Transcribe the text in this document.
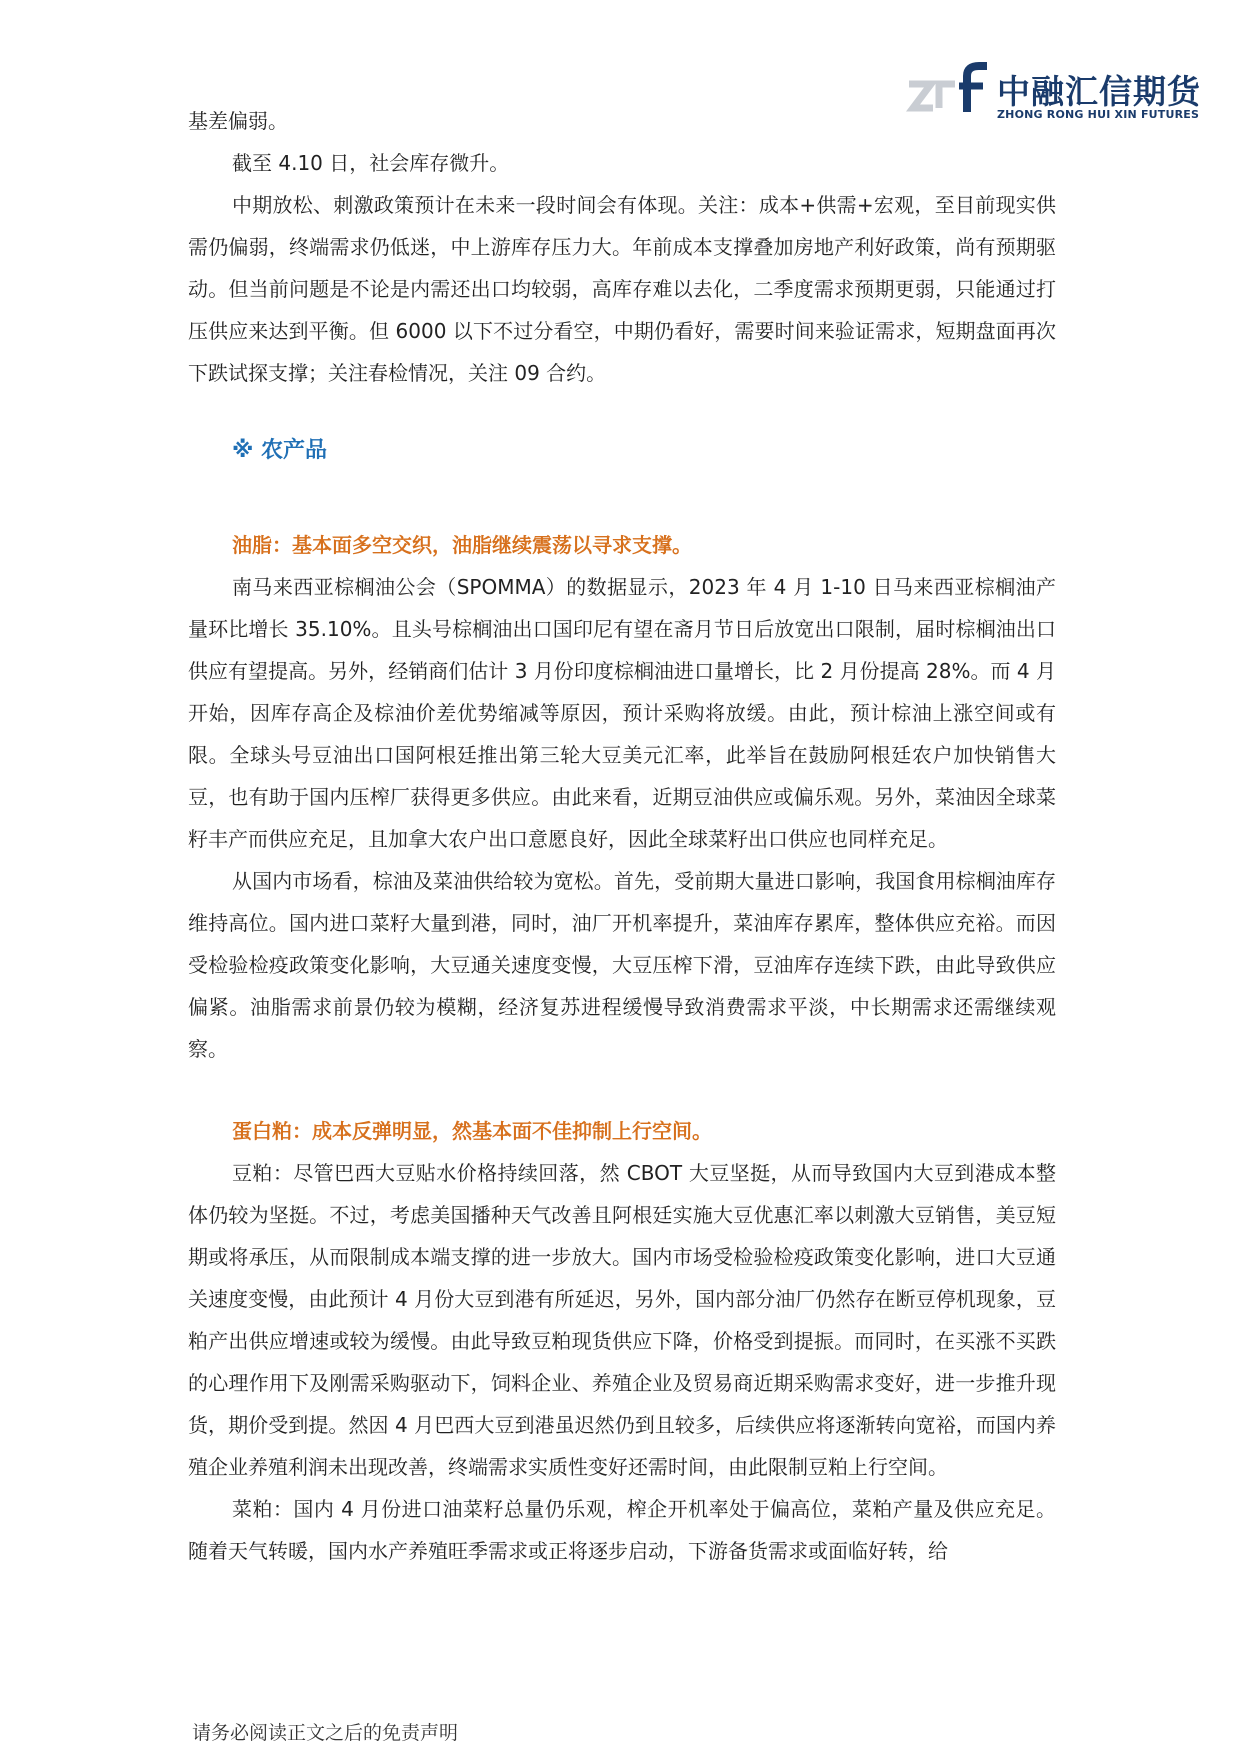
中融汇信期货
ZHONG RONG HUI XIN FUTURES

基差偏弱。

截至 4.10 日，社会库存微升。

中期放松、刺激政策预计在未来一段时间会有体现。关注：成本+供需+宏观，至目前现实供需仍偏弱，终端需求仍低迷，中上游库存压力大。年前成本支撑叠加房地产利好政策，尚有预期驱动。但当前问题是不论是内需还出口均较弱，高库存难以去化，二季度需求预期更弱，只能通过打压供应来达到平衡。但 6000 以下不过分看空，中期仍看好，需要时间来验证需求，短期盘面再次下跌试探支撑；关注春检情况，关注 09 合约。

※ 农产品
油脂：基本面多空交织，油脂继续震荡以寻求支撑。

南马来西亚棕榈油公会（SPOMMA）的数据显示，2023 年 4 月 1-10 日马来西亚棕榈油产量环比增长 35.10%。且头号棕榈油出口国印尼有望在斋月节日后放宽出口限制，届时棕榈油出口供应有望提高。另外，经销商们估计 3 月份印度棕榈油进口量增长，比 2 月份提高 28%。而 4 月开始，因库存高企及棕油价差优势缩减等原因，预计采购将放缓。由此，预计棕油上涨空间或有限。全球头号豆油出口国阿根廷推出第三轮大豆美元汇率，此举旨在鼓励阿根廷农户加快销售大豆，也有助于国内压榨厂获得更多供应。由此来看，近期豆油供应或偏乐观。另外，菜油因全球菜籽丰产而供应充足，且加拿大农户出口意愿良好，因此全球菜籽出口供应也同样充足。

从国内市场看，棕油及菜油供给较为宽松。首先，受前期大量进口影响，我国食用棕榈油库存维持高位。国内进口菜籽大量到港，同时，油厂开机率提升，菜油库存累库，整体供应充裕。而因受检验检疫政策变化影响，大豆通关速度变慢，大豆压榨下滑，豆油库存连续下跌，由此导致供应偏紧。油脂需求前景仍较为模糊，经济复苏进程缓慢导致消费需求平淡，中长期需求还需继续观察。

蛋白粕：成本反弹明显，然基本面不佳抑制上行空间。

豆粕：尽管巴西大豆贴水价格持续回落，然 CBOT 大豆坚挺，从而导致国内大豆到港成本整体仍较为坚挺。不过，考虑美国播种天气改善且阿根廷实施大豆优惠汇率以刺激大豆销售，美豆短期或将承压，从而限制成本端支撑的进一步放大。国内市场受检验检疫政策变化影响，进口大豆通关速度变慢，由此预计 4 月份大豆到港有所延迟，另外，国内部分油厂仍然存在断豆停机现象，豆粕产出供应增速或较为缓慢。由此导致豆粕现货供应下降，价格受到提振。而同时，在买涨不买跌的心理作用下及刚需采购驱动下，饲料企业、养殖企业及贸易商近期采购需求变好，进一步推升现货，期价受到提。然因 4 月巴西大豆到港虽迟然仍到且较多，后续供应将逐渐转向宽裕，而国内养殖企业养殖利润未出现改善，终端需求实质性变好还需时间，由此限制豆粕上行空间。

菜粕：国内 4 月份进口油菜籽总量仍乐观，榨企开机率处于偏高位，菜粕产量及供应充足。随着天气转暖，国内水产养殖旺季需求或正将逐步启动，下游备货需求或面临好转，给

请务必阅读正文之后的免责声明
